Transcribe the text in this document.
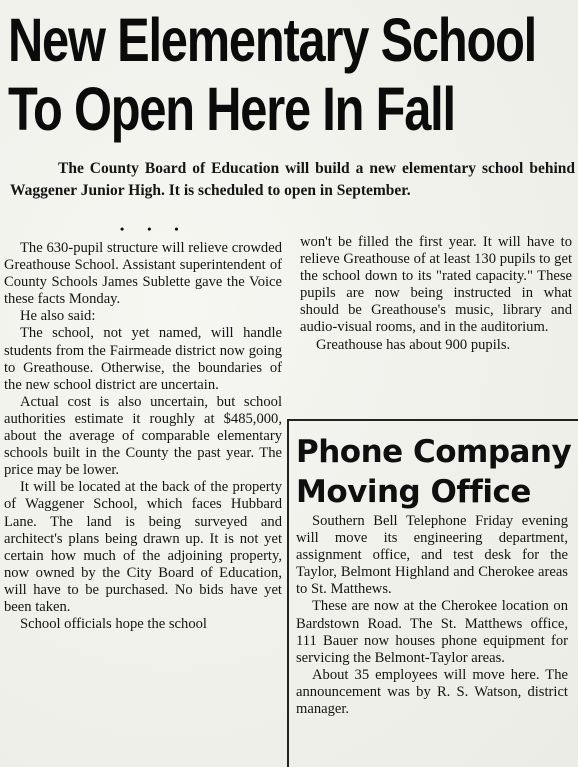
New Elementary School
To Open Here In Fall
The County Board of Education will build a new elementary school behind Waggener Junior High. It is scheduled to open in September.
• • •

The 630-pupil structure will relieve crowded Greathouse School. Assistant superintendent of County Schools James Sublette gave the Voice these facts Monday.

He also said:

The school, not yet named, will handle students from the Fairmeade district now going to Greathouse. Otherwise, the boundaries of the new school district are uncertain.

Actual cost is also uncertain, but school authorities estimate it roughly at $485,000, about the average of comparable elementary schools built in the County the past year. The price may be lower.

It will be located at the back of the property of Waggener School, which faces Hubbard Lane. The land is being surveyed and architect's plans being drawn up. It is not yet certain how much of the adjoining property, now owned by the City Board of Education, will have to be purchased. No bids have yet been taken.

School officials hope the school

won't be filled the first year. It will have to relieve Greathouse of at least 130 pupils to get the school down to its "rated capacity." These pupils are now being instructed in what should be Greathouse's music, library and audio-visual rooms, and in the auditorium.

Greathouse has about 900 pupils.

Phone Company
Moving Office

Southern Bell Telephone Friday evening will move its engineering department, assignment office, and test desk for the Taylor, Belmont Highland and Cherokee areas to St. Matthews.

These are now at the Cherokee location on Bardstown Road. The St. Matthews office, 111 Bauer now houses phone equipment for servicing the Belmont-Taylor areas.

About 35 employees will move here. The announcement was by R. S. Watson, district manager.
